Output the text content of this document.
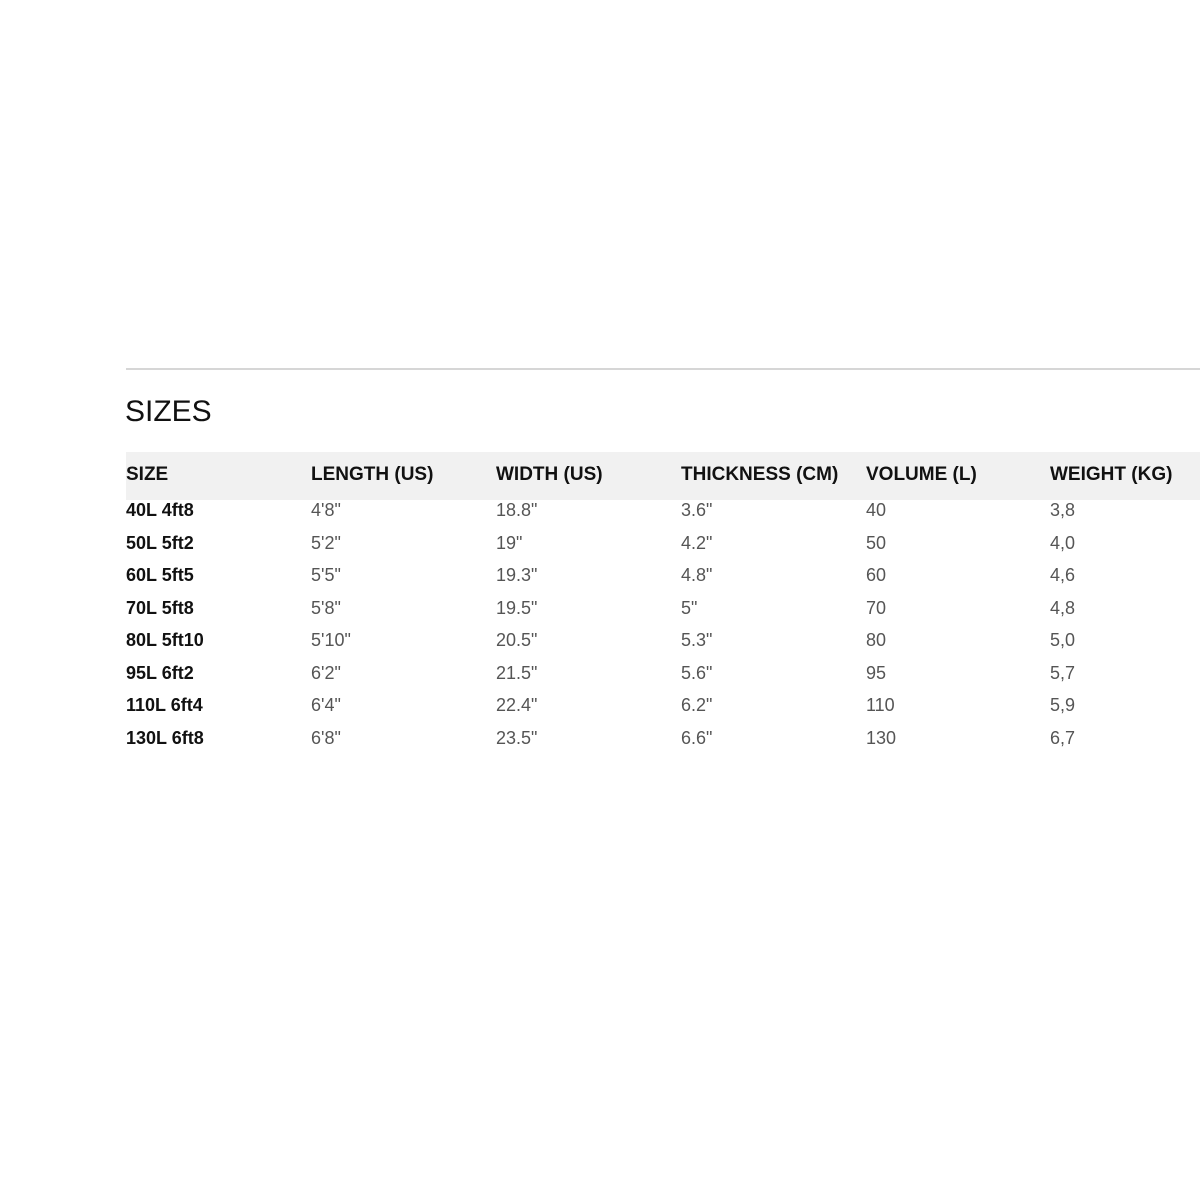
SIZES
SIZE	LENGTH (US)	WIDTH (US)	THICKNESS (CM) VOLUME (L)	WEIGHT (KG)
40L 4ft8	4'8"	18.8"	3.6"	40	3,8
50L 5ft2	5'2"	19"	4.2"	50	4,0
60L 5ft5	5'5"	19.3"	4.8"	60	4,6
70L 5ft8	5'8"	19.5"	5"	70	4,8
80L 5ft10	5'10"	20.5"	5.3"	80	5,0
95L 6ft2	6'2"	21.5"	5.6"	95	5,7
110L 6ft4	6'4"	22.4"	6.2"	110	5,9
130L 6ft8	6'8"	23.5"	6.6"	130	6,7
